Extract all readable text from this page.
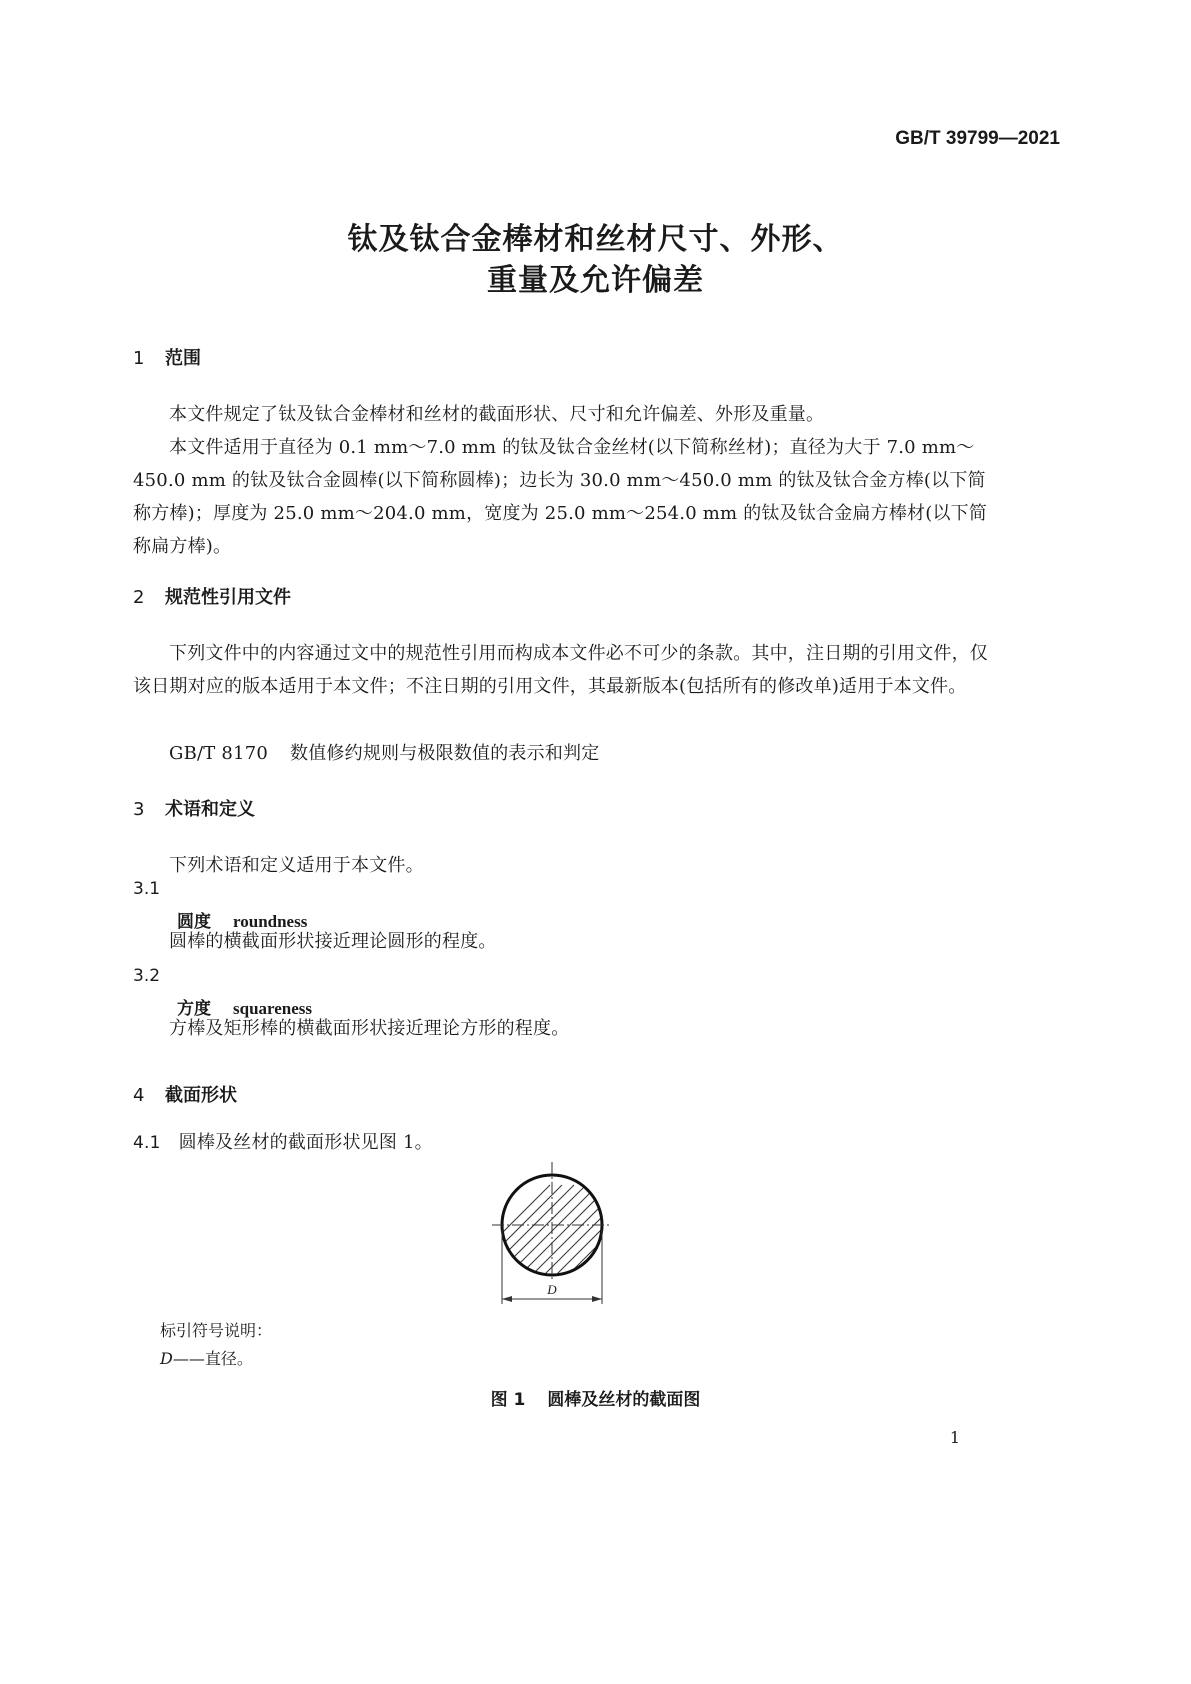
GB/T 39799—2021
钛及钛合金棒材和丝材尺寸、外形、
重量及允许偏差
1 范围
本文件规定了钛及钛合金棒材和丝材的截面形状、尺寸和允许偏差、外形及重量。
本文件适用于直径为 0.1 mm～7.0 mm 的钛及钛合金丝材(以下简称丝材)；直径为大于 7.0 mm～450.0 mm 的钛及钛合金圆棒(以下简称圆棒)；边长为 30.0 mm～450.0 mm 的钛及钛合金方棒(以下简称方棒)；厚度为 25.0 mm～204.0 mm，宽度为 25.0 mm～254.0 mm 的钛及钛合金扁方棒材(以下简称扁方棒)。
2 规范性引用文件
下列文件中的内容通过文中的规范性引用而构成本文件必不可少的条款。其中，注日期的引用文件，仅该日期对应的版本适用于本文件；不注日期的引用文件，其最新版本(包括所有的修改单)适用于本文件。
GB/T 8170 数值修约规则与极限数值的表示和判定
3 术语和定义
下列术语和定义适用于本文件。
3.1
圆度 roundness
圆棒的横截面形状接近理论圆形的程度。
3.2
方度 squareness
方棒及矩形棒的横截面形状接近理论方形的程度。
4 截面形状
4.1 圆棒及丝材的截面形状见图 1。
D
标引符号说明：
D——直径。
图 1 圆棒及丝材的截面图
1
